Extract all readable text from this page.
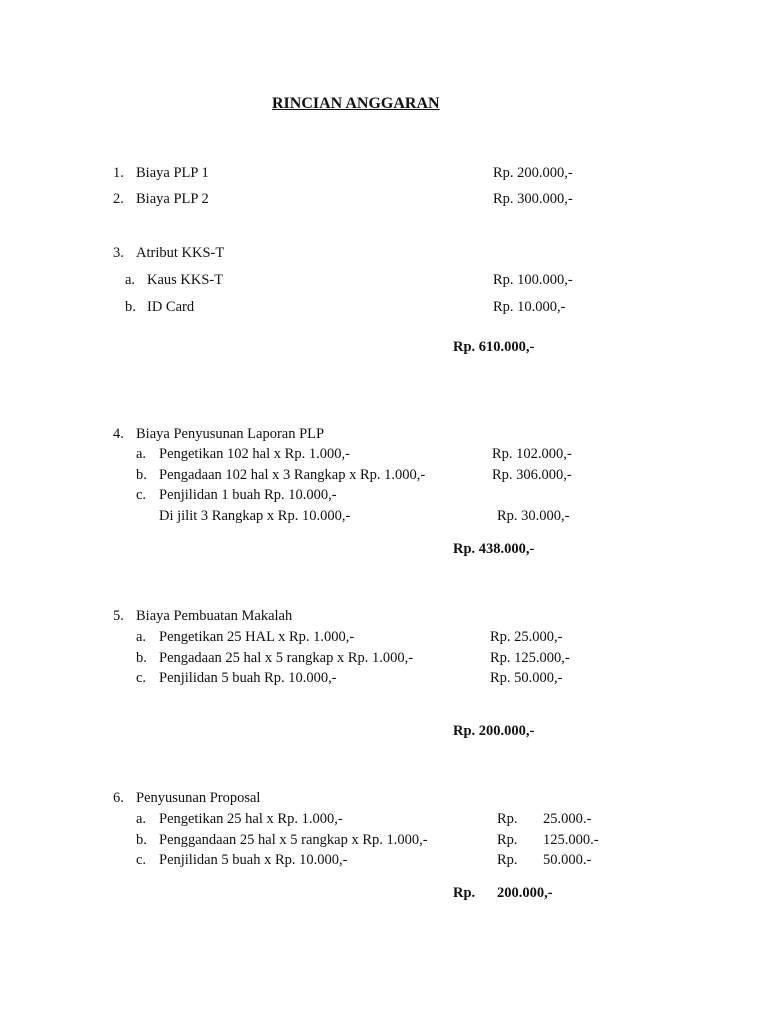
RINCIAN ANGGARAN
1. Biaya PLP 1	Rp. 200.000,-
2. Biaya PLP 2	Rp. 300.000,-
3. Atribut KKS-T
a. Kaus KKS-T	Rp. 100.000,-
b. ID Card	Rp. 10.000,-
Rp. 610.000,-
4. Biaya Penyusunan Laporan PLP
a. Pengetikan 102 hal x Rp. 1.000,-	Rp. 102.000,-
b. Pengadaan 102 hal x 3 Rangkap x Rp. 1.000,-	Rp. 306.000,-
c. Penjilidan 1 buah Rp. 10.000,-
Di jilit 3 Rangkap x Rp. 10.000,-	Rp. 30.000,-
Rp. 438.000,-
5. Biaya Pembuatan Makalah
a. Pengetikan 25 HAL x Rp. 1.000,-	Rp. 25.000,-
b. Pengadaan 25 hal x 5 rangkap x Rp. 1.000,-	Rp. 125.000,-
c. Penjilidan 5 buah Rp. 10.000,-	Rp. 50.000,-
Rp. 200.000,-
6. Penyusunan Proposal
a. Pengetikan 25 hal x Rp. 1.000,-	Rp. 25.000.-
b. Penggandaan 25 hal x 5 rangkap x Rp. 1.000,-	Rp. 125.000.-
c. Penjilidan 5 buah x Rp. 10.000,-	Rp. 50.000.-
Rp. 200.000,-
